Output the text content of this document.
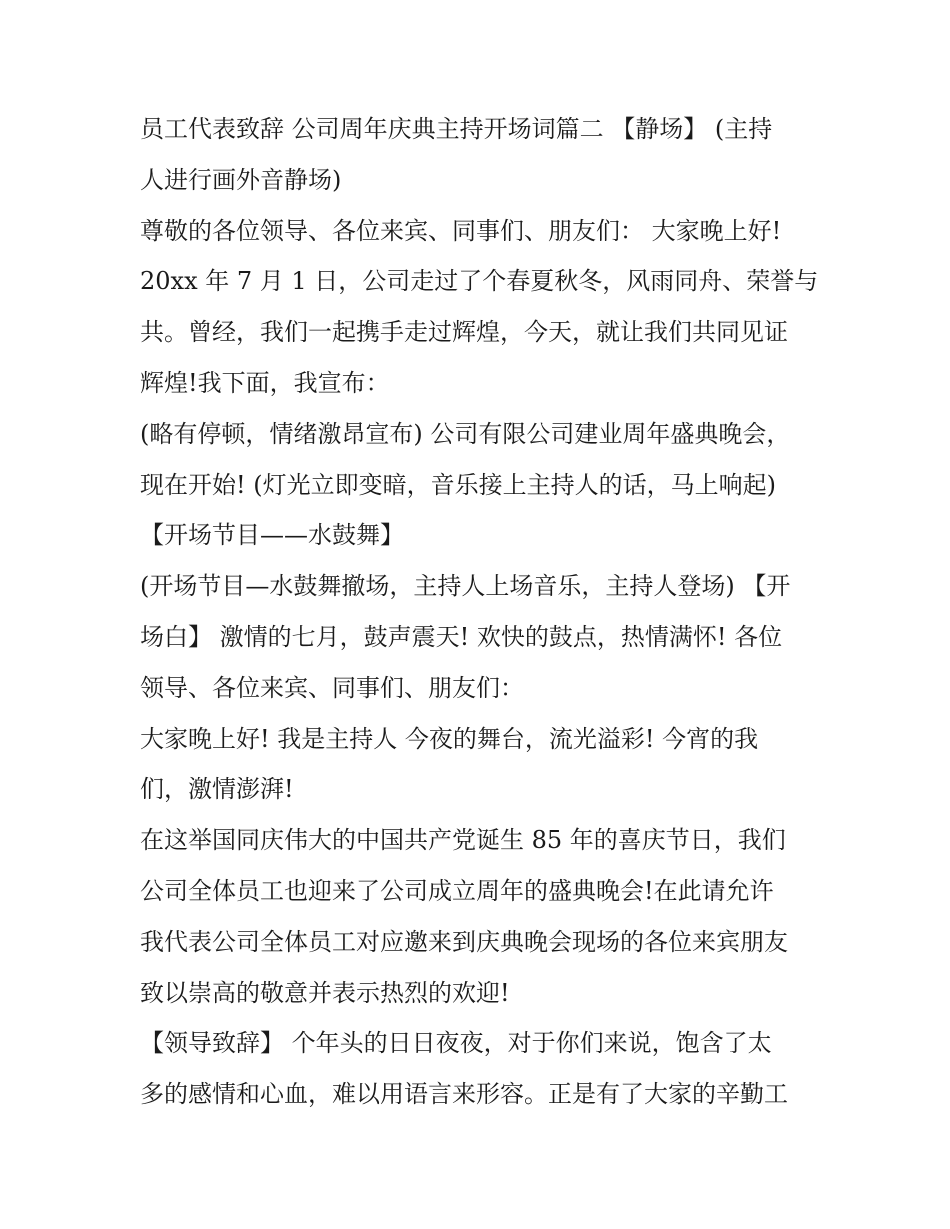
员工代表致辞 公司周年庆典主持开场词篇二 【静场】 (主持
人进行画外音静场)
尊敬的各位领导、各位来宾、同事们、朋友们： 大家晚上好!
20xx 年 7 月 1 日，公司走过了个春夏秋冬，风雨同舟、荣誉与
共。曾经，我们一起携手走过辉煌，今天，就让我们共同见证
辉煌!我下面，我宣布：
(略有停顿，情绪激昂宣布) 公司有限公司建业周年盛典晚会，
现在开始! (灯光立即变暗，音乐接上主持人的话，马上响起)
【开场节目——水鼓舞】
(开场节目—水鼓舞撤场，主持人上场音乐，主持人登场) 【开
场白】 激情的七月，鼓声震天! 欢快的鼓点，热情满怀! 各位
领导、各位来宾、同事们、朋友们：
大家晚上好! 我是主持人 今夜的舞台，流光溢彩! 今宵的我
们，激情澎湃!
在这举国同庆伟大的中国共产党诞生 85 年的喜庆节日，我们
公司全体员工也迎来了公司成立周年的盛典晚会!在此请允许
我代表公司全体员工对应邀来到庆典晚会现场的各位来宾朋友
致以崇高的敬意并表示热烈的欢迎!
【领导致辞】 个年头的日日夜夜，对于你们来说，饱含了太
多的感情和心血，难以用语言来形容。正是有了大家的辛勤工
